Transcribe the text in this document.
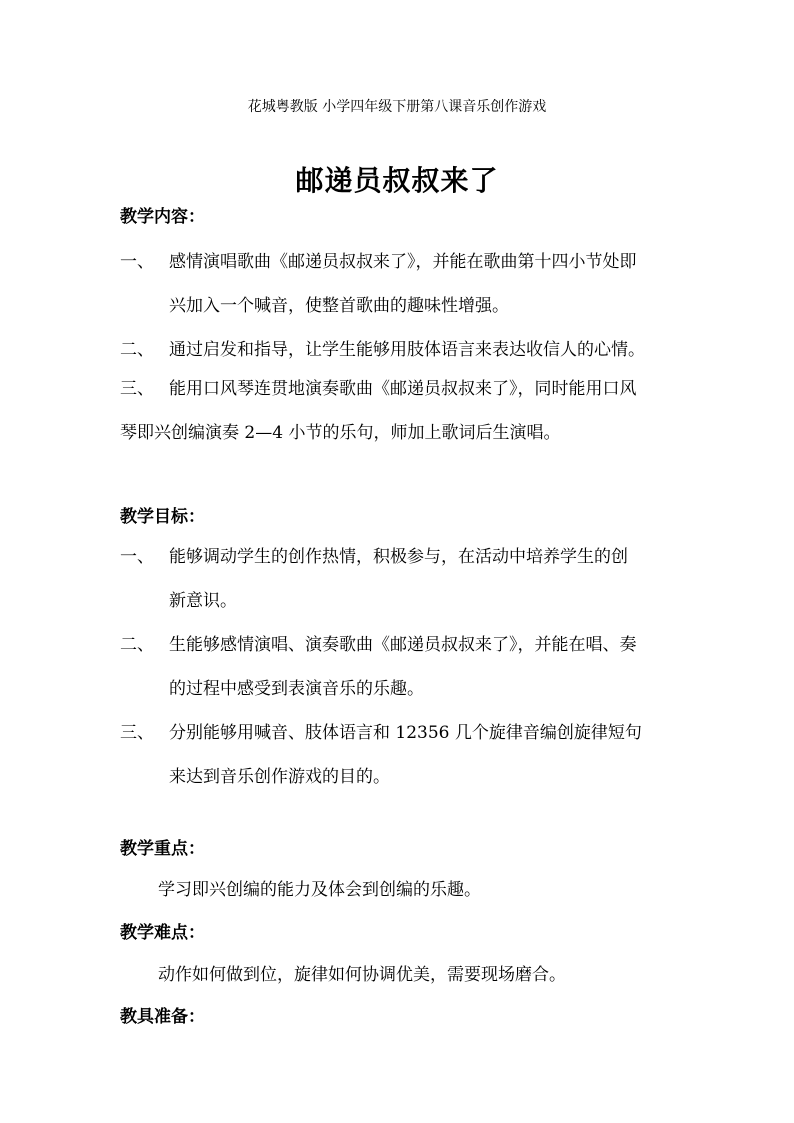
花城粤教版 小学四年级下册第八课音乐创作游戏
邮递员叔叔来了
教学内容：
一、 感情演唱歌曲《邮递员叔叔来了》，并能在歌曲第十四小节处即
兴加入一个喊音，使整首歌曲的趣味性增强。
二、 通过启发和指导，让学生能够用肢体语言来表达收信人的心情。
三、 能用口风琴连贯地演奏歌曲《邮递员叔叔来了》，同时能用口风
琴即兴创编演奏 2—4 小节的乐句，师加上歌词后生演唱。
教学目标：
一、 能够调动学生的创作热情，积极参与，在活动中培养学生的创
新意识。
二、 生能够感情演唱、演奏歌曲《邮递员叔叔来了》，并能在唱、奏
的过程中感受到表演音乐的乐趣。
三、 分别能够用喊音、肢体语言和 12356 几个旋律音编创旋律短句
来达到音乐创作游戏的目的。
教学重点：
学习即兴创编的能力及体会到创编的乐趣。
教学难点：
动作如何做到位，旋律如何协调优美，需要现场磨合。
教具准备：
